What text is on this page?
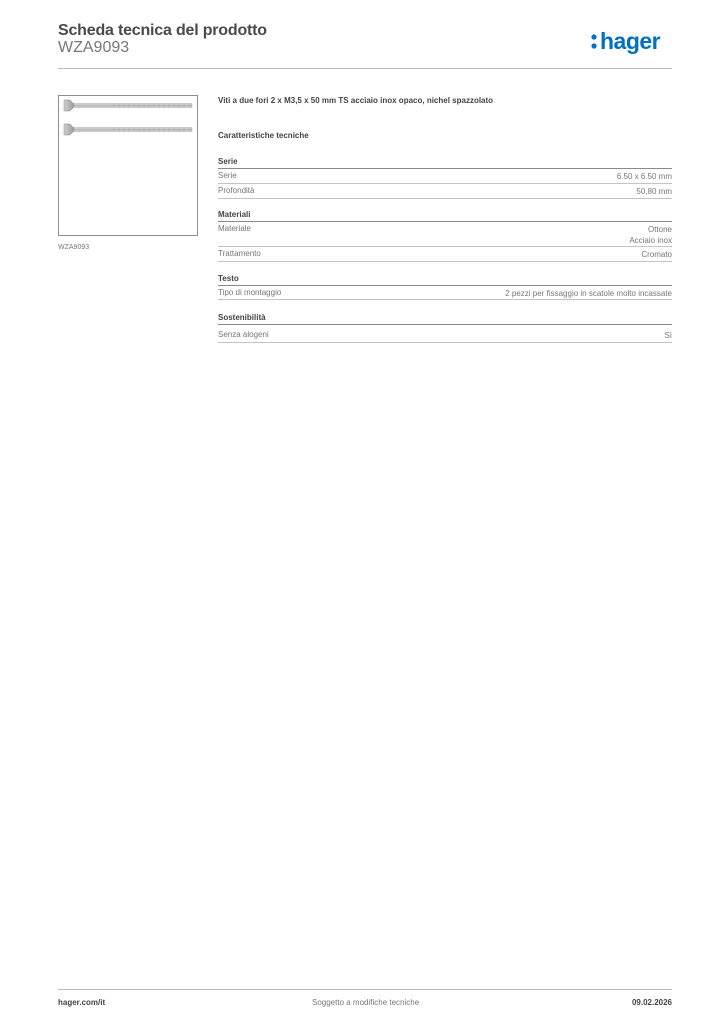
Scheda tecnica del prodotto
WZA9093	hager
WZA9093
Viti a due fori 2 x M3,5 x 50 mm TS acciaio inox opaco, nichel spazzolato
Caratteristiche tecniche
Serie
Serie	6.50 x 6.50 mm
Profondità	50,80 mm
Materiali
Materiale	Ottone
Acciaio inox
Trattamento	Cromato
Testo
Tipo di montaggio	2 pezzi per fissaggio in scatole molto incassate
Sostenibilità
Senza alogeni	Sì
hager.com/it	Soggetto a modifiche tecniche	09.02.2026
